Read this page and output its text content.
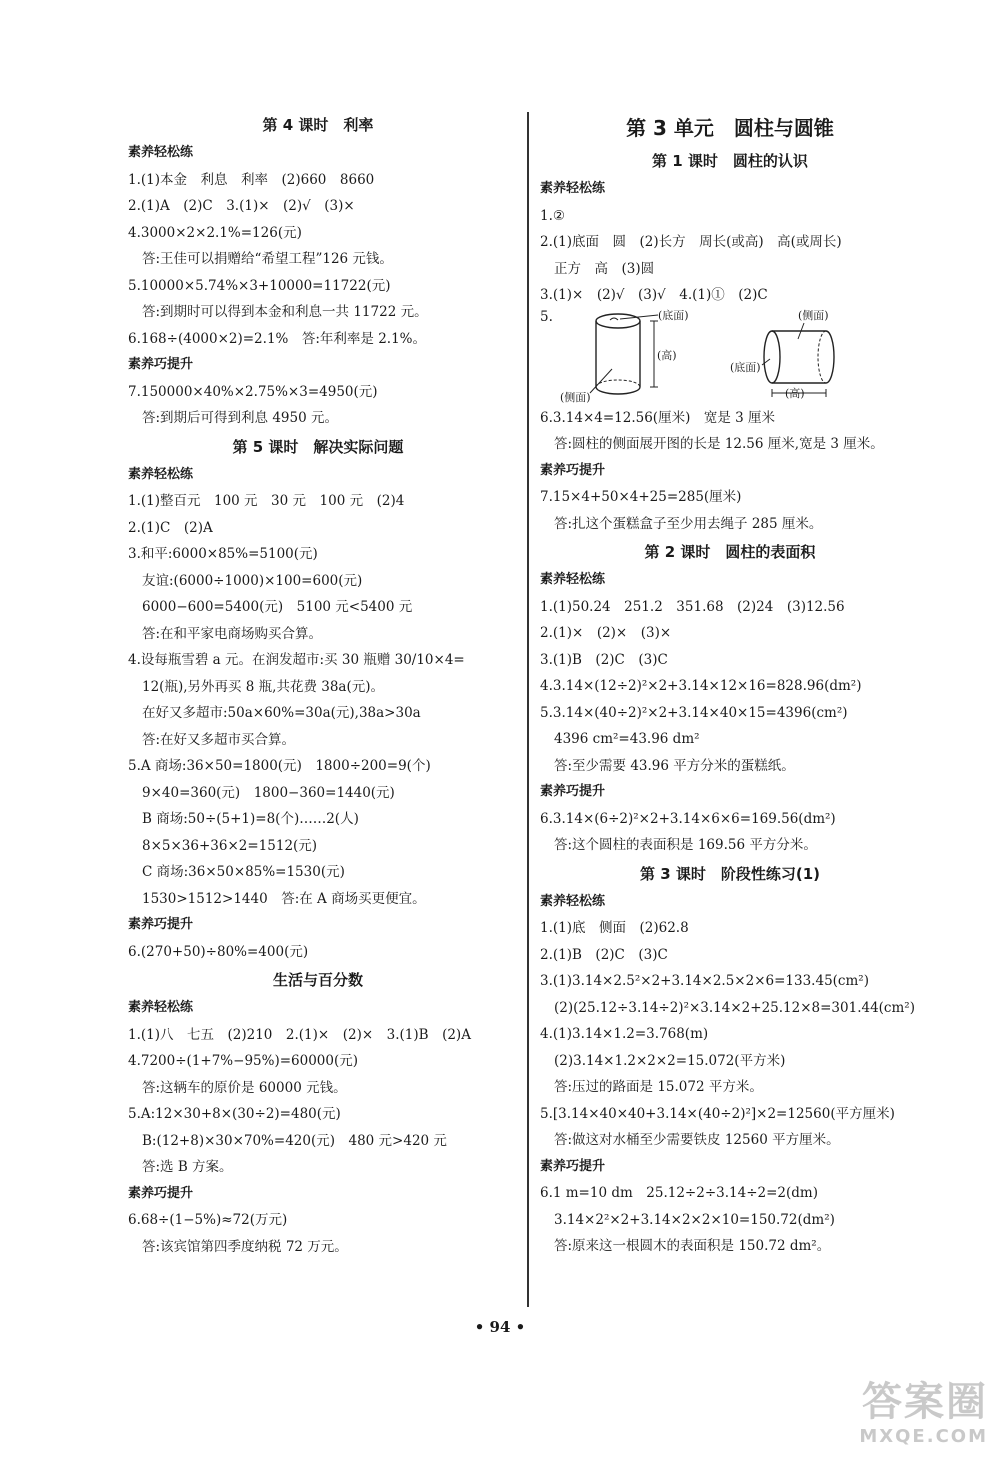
第 4 课时　利率
素养轻松练
1.(1)本金　利息　利率　(2)660　8660
2.(1)A　(2)C　3.(1)×　(2)√　(3)×
4.3000×2×2.1%=126(元)
答:王佳可以捐赠给“希望工程”126 元钱。
5.10000×5.74%×3+10000=11722(元)
答:到期时可以得到本金和利息一共 11722 元。
6.168÷(4000×2)=2.1%　答:年利率是 2.1%。
素养巧提升
7.150000×40%×2.75%×3=4950(元)
答:到期后可得到利息 4950 元。
第 5 课时　解决实际问题
素养轻松练
1.(1)整百元　100 元　30 元　100 元　(2)4
2.(1)C　(2)A
3.和平:6000×85%=5100(元)
友谊:(6000÷1000)×100=600(元)
6000−600=5400(元)　5100 元<5400 元
答:在和平家电商场购买合算。
4.设每瓶雪碧 a 元。在润发超市:买 30 瓶赠 30/10×4=
12(瓶),另外再买 8 瓶,共花费 38a(元)。
在好又多超市:50a×60%=30a(元),38a>30a
答:在好又多超市买合算。
5.A 商场:36×50=1800(元)　1800÷200=9(个)
9×40=360(元)　1800−360=1440(元)
B 商场:50÷(5+1)=8(个)……2(人)
8×5×36+36×2=1512(元)
C 商场:36×50×85%=1530(元)
1530>1512>1440　答:在 A 商场买更便宜。
素养巧提升
6.(270+50)÷80%=400(元)
生活与百分数
素养轻松练
1.(1)八　七五　(2)210　2.(1)×　(2)×　3.(1)B　(2)A
4.7200÷(1+7%−95%)=60000(元)
答:这辆车的原价是 60000 元钱。
5.A:12×30+8×(30÷2)=480(元)
B:(12+8)×30×70%=420(元)　480 元>420 元
答:选 B 方案。
素养巧提升
6.68÷(1−5%)≈72(万元)
答:该宾馆第四季度纳税 72 万元。
第 3 单元　圆柱与圆锥
第 1 课时　圆柱的认识
素养轻松练
1.②
2.(1)底面　圆　(2)长方　周长(或高)　高(或周长)
正方　高　(3)圆
3.(1)×　(2)√　(3)√　4.(1)①　(2)C
5.	(底面)
(高)
(侧面)
(侧面)
(底面)
(高)
6.3.14×4=12.56(厘米)　宽是 3 厘米
答:圆柱的侧面展开图的长是 12.56 厘米,宽是 3 厘米。
素养巧提升
7.15×4+50×4+25=285(厘米)
答:扎这个蛋糕盒子至少用去绳子 285 厘米。
第 2 课时　圆柱的表面积
素养轻松练
1.(1)50.24　251.2　351.68　(2)24　(3)12.56
2.(1)×　(2)×　(3)×
3.(1)B　(2)C　(3)C
4.3.14×(12÷2)²×2+3.14×12×16=828.96(dm²)
5.3.14×(40÷2)²×2+3.14×40×15=4396(cm²)
4396 cm²=43.96 dm²
答:至少需要 43.96 平方分米的蛋糕纸。
素养巧提升
6.3.14×(6÷2)²×2+3.14×6×6=169.56(dm²)
答:这个圆柱的表面积是 169.56 平方分米。
第 3 课时　阶段性练习(1)
素养轻松练
1.(1)底　侧面　(2)62.8
2.(1)B　(2)C　(3)C
3.(1)3.14×2.5²×2+3.14×2.5×2×6=133.45(cm²)
(2)(25.12÷3.14÷2)²×3.14×2+25.12×8=301.44(cm²)
4.(1)3.14×1.2=3.768(m)
(2)3.14×1.2×2×2=15.072(平方米)
答:压过的路面是 15.072 平方米。
5.[3.14×40×40+3.14×(40÷2)²]×2=12560(平方厘米)
答:做这对水桶至少需要铁皮 12560 平方厘米。
素养巧提升
6.1 m=10 dm　25.12÷2÷3.14÷2=2(dm)
3.14×2²×2+3.14×2×2×10=150.72(dm²)
答:原来这一根圆木的表面积是 150.72 dm²。
• 94 •
答案圈
MXQE.COM
